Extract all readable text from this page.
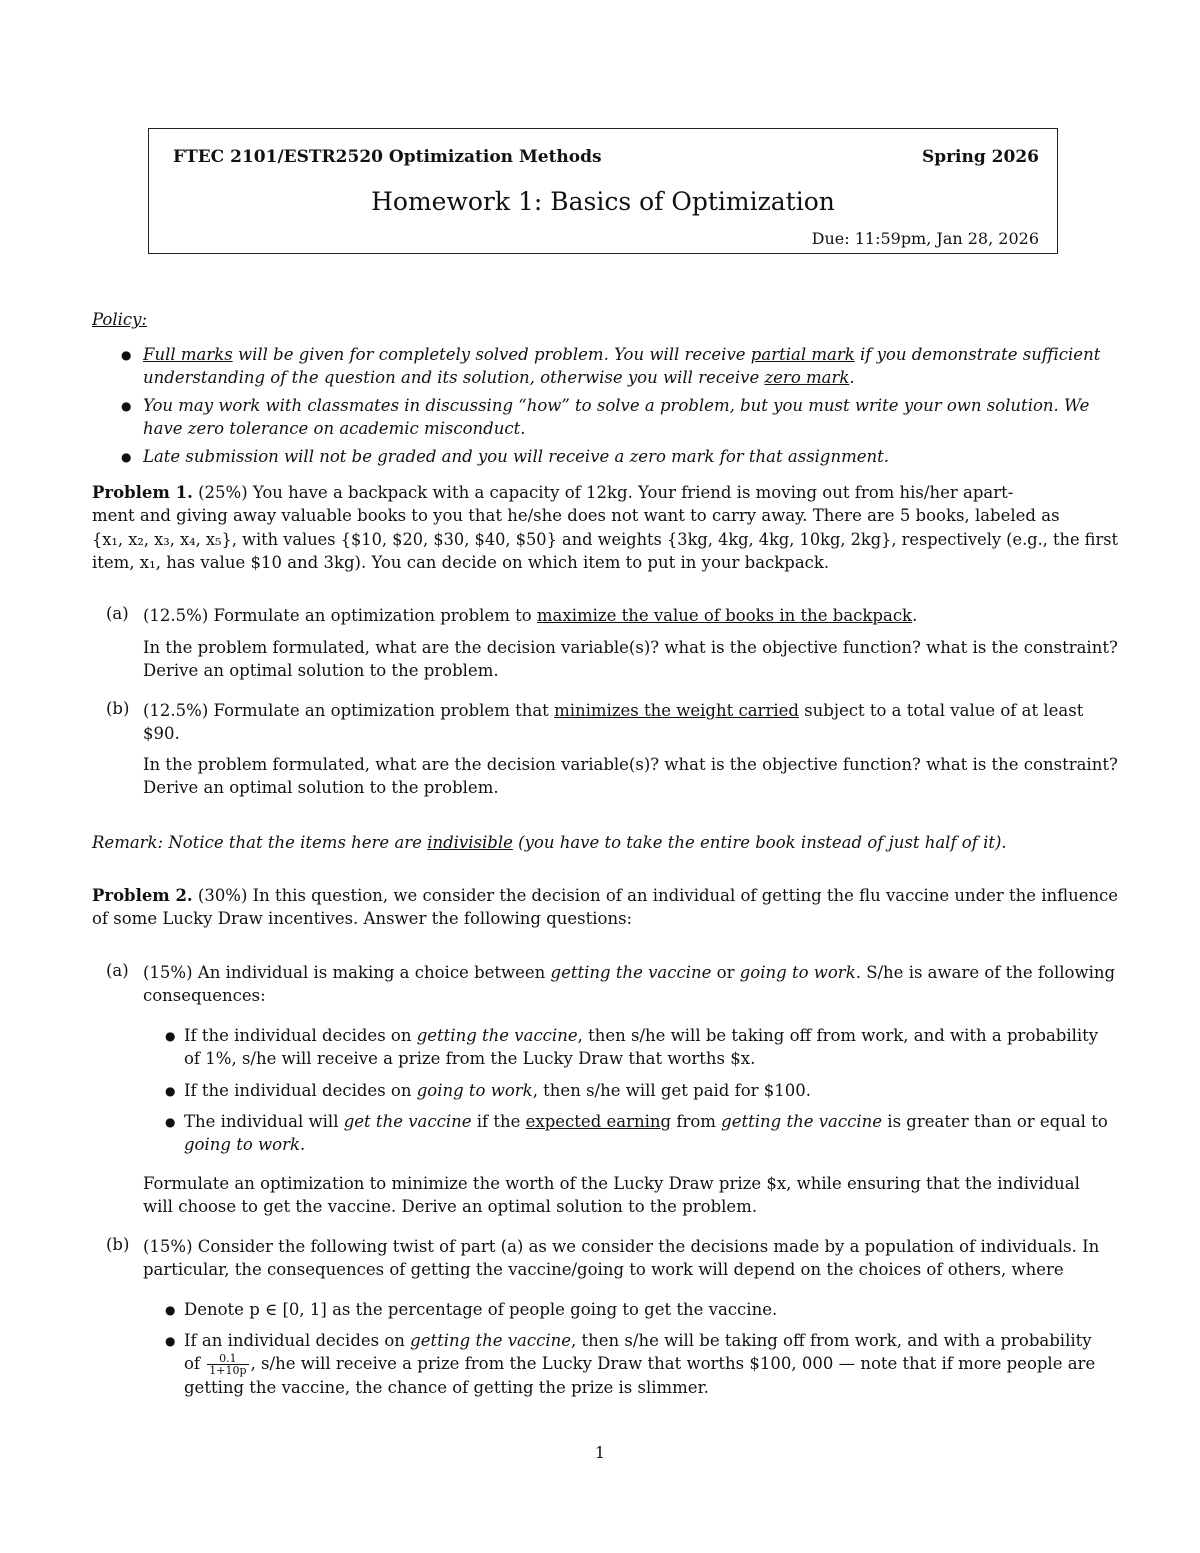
FTEC 2101/ESTR2520 Optimization Methods	Spring 2026
Homework 1: Basics of Optimization
Due: 11:59pm, Jan 28, 2026
Policy:
● Full marks will be given for completely solved problem. You will receive partial mark if you demonstrate sufficient
understanding of the question and its solution, otherwise you will receive zero mark.
● You may work with classmates in discussing “how” to solve a problem, but you must write your own solution. We
have zero tolerance on academic misconduct.
● Late submission will not be graded and you will receive a zero mark for that assignment.
Problem 1. (25%) You have a backpack with a capacity of 12kg. Your friend is moving out from his/her apart-
ment and giving away valuable books to you that he/she does not want to carry away. There are 5 books, labeled as
{x₁, x₂, x₃, x₄, x₅}, with values {$10, $20, $30, $40, $50} and weights {3kg, 4kg, 4kg, 10kg, 2kg}, respectively (e.g., the first
item, x₁, has value $10 and 3kg). You can decide on which item to put in your backpack.
(a) (12.5%) Formulate an optimization problem to maximize the value of books in the backpack.
In the problem formulated, what are the decision variable(s)? what is the objective function? what is the constraint?
Derive an optimal solution to the problem.
(b) (12.5%) Formulate an optimization problem that minimizes the weight carried subject to a total value of at least
$90.
In the problem formulated, what are the decision variable(s)? what is the objective function? what is the constraint?
Derive an optimal solution to the problem.
Remark: Notice that the items here are indivisible (you have to take the entire book instead of just half of it).
Problem 2. (30%) In this question, we consider the decision of an individual of getting the flu vaccine under the influence
of some Lucky Draw incentives. Answer the following questions:
(a) (15%) An individual is making a choice between getting the vaccine or going to work. S/he is aware of the following
consequences:
● If the individual decides on getting the vaccine, then s/he will be taking off from work, and with a probability
of 1%, s/he will receive a prize from the Lucky Draw that worths $x.
● If the individual decides on going to work, then s/he will get paid for $100.
● The individual will get the vaccine if the expected earning from getting the vaccine is greater than or equal to
going to work.
Formulate an optimization to minimize the worth of the Lucky Draw prize $x, while ensuring that the individual
will choose to get the vaccine. Derive an optimal solution to the problem.
(b) (15%) Consider the following twist of part (a) as we consider the decisions made by a population of individuals. In
particular, the consequences of getting the vaccine/going to work will depend on the choices of others, where
● Denote p ∈ [0, 1] as the percentage of people going to get the vaccine.
● If an individual decides on getting the vaccine, then s/he will be taking off from work, and with a probability
of $\frac{0.1}{1+10p}$ , s/he will receive a prize from the Lucky Draw that worths $100, 000 — note that if more people are
getting the vaccine, the chance of getting the prize is slimmer.
1
